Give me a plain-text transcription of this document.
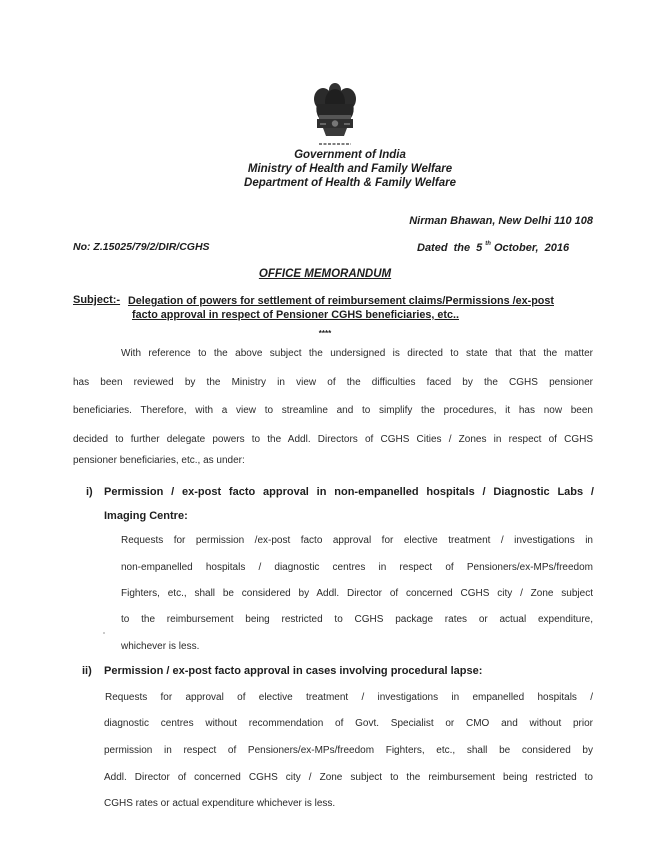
Government of India
Ministry of Health and Family Welfare
Department of Health & Family Welfare
Nirman Bhawan, New Delhi 110 108
No: Z.15025/79/2/DIR/CGHS	Dated the 5 $^{th}$ October, 2016
OFFICE MEMORANDUM
Subject:- Delegation of powers for settlement of reimbursement claims/Permissions /ex-post
facto approval in respect of Pensioner CGHS beneficiaries, etc..
****
With reference to the above subject the undersigned is directed to state that that the matter
has been reviewed by the Ministry in view of the difficulties faced by the CGHS pensioner
beneficiaries. Therefore, with a view to streamline and to simplify the procedures, it has now been
decided to further delegate powers to the Addl. Directors of CGHS Cities / Zones in respect of CGHS
pensioner beneficiaries, etc., as under:
i) Permission / ex-post facto approval in non-empanelled hospitals / Diagnostic Labs /
Imaging Centre:
Requests for permission /ex-post facto approval for elective treatment / investigations in
non-empanelled hospitals / diagnostic centres in respect of Pensioners/ex-MPs/freedom
Fighters, etc., shall be considered by Addl. Director of concerned CGHS city / Zone subject
to the reimbursement being restricted to CGHS package rates or actual expenditure,
whichever is less.
ii) Permission / ex-post facto approval in cases involving procedural lapse:
Requests for approval of elective treatment / investigations in empanelled hospitals /
diagnostic centres without recommendation of Govt. Specialist or CMO and without prior
permission in respect of Pensioners/ex-MPs/freedom Fighters, etc., shall be considered by
Addl. Director of concerned CGHS city / Zone subject to the reimbursement being restricted to
CGHS rates or actual expenditure whichever is less.
